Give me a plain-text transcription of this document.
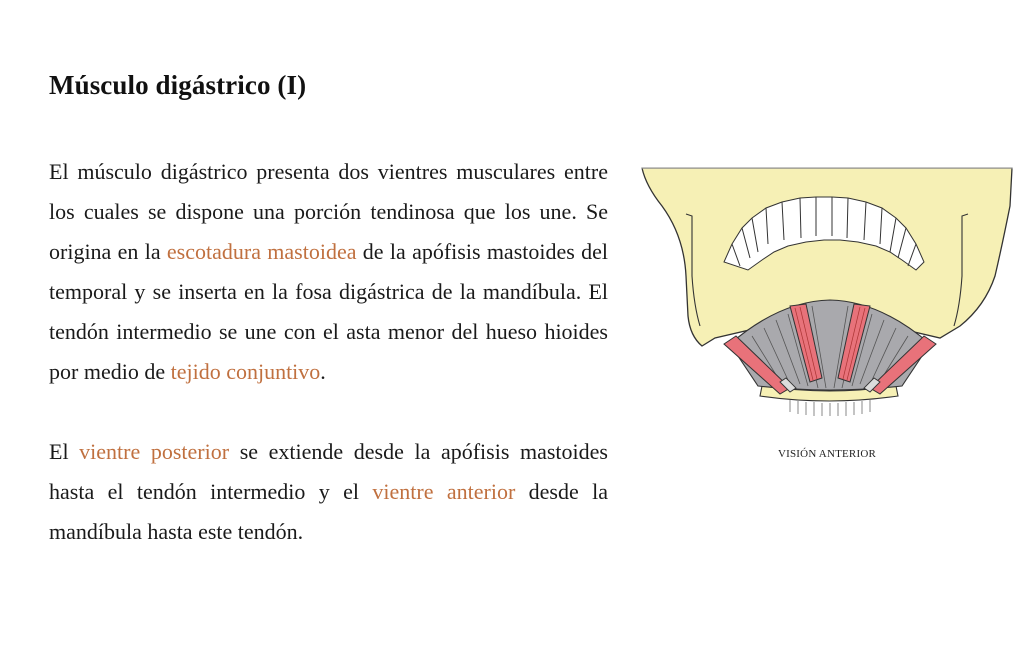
Músculo digástrico (I)

El músculo digástrico presenta dos vientres musculares entre los cuales se dispone una porción tendinosa que los une. Se origina en la escotadura mastoidea de la apófisis mastoides del temporal y se inserta en la fosa digástrica de la mandíbula. El tendón intermedio se une con el asta menor del hueso hioides por medio de tejido conjuntivo.

El vientre posterior se extiende desde la apófisis mastoides hasta el tendón intermedio y el vientre anterior desde la mandíbula hasta este tendón.

VISIÓN ANTERIOR
